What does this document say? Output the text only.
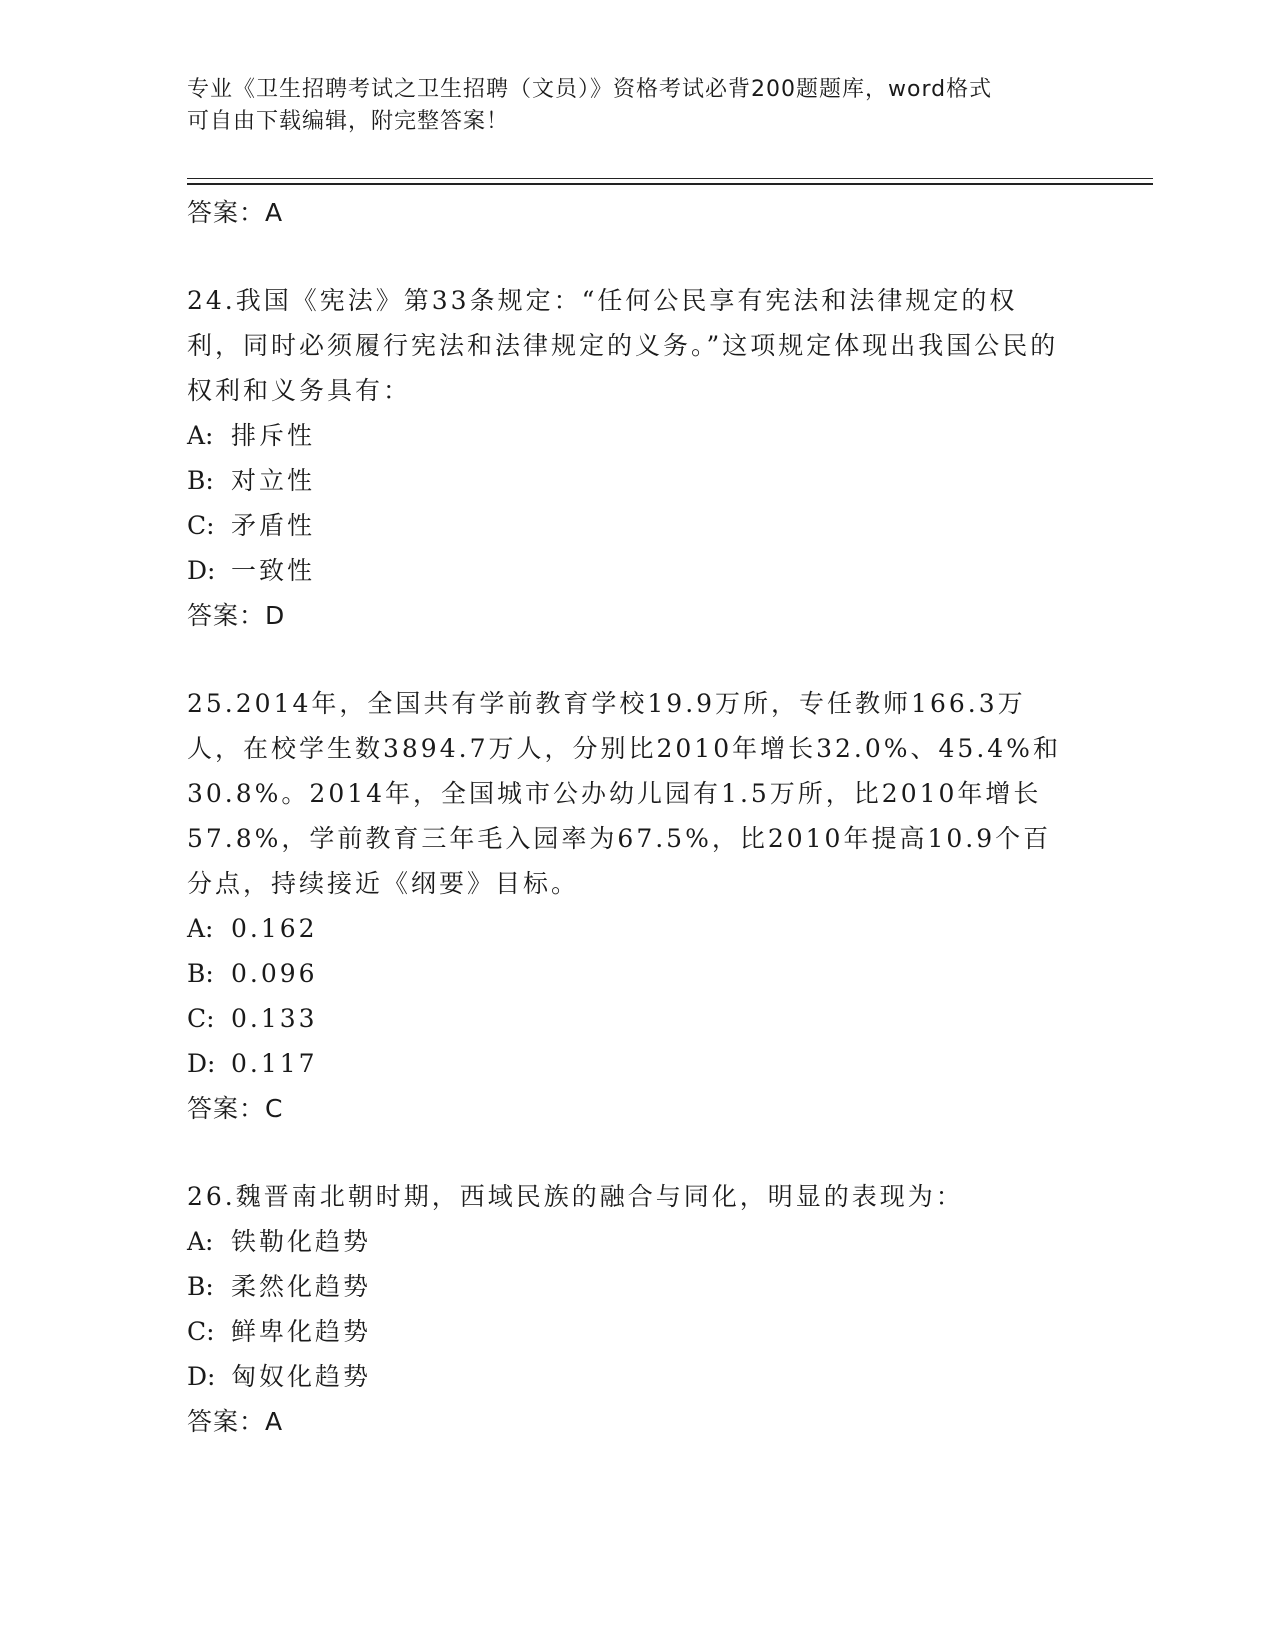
专业《卫生招聘考试之卫生招聘（文员）》资格考试必背200题题库，word格式
可自由下载编辑，附完整答案！
答案：A
24.我国《宪法》第33条规定：“任何公民享有宪法和法律规定的权利，同时必须履行宪法和法律规定的义务。”这项规定体现出我国公民的权利和义务具有：
A: 排斥性
B: 对立性
C: 矛盾性
D: 一致性
答案：D
25.2014年，全国共有学前教育学校19.9万所，专任教师166.3万人，在校学生数3894.7万人，分别比2010年增长32.0%、45.4%和30.8%。2014年，全国城市公办幼儿园有1.5万所，比2010年增长57.8%，学前教育三年毛入园率为67.5%，比2010年提高10.9个百分点，持续接近《纲要》目标。
A: 0.162
B: 0.096
C: 0.133
D: 0.117
答案：C
26.魏晋南北朝时期，西域民族的融合与同化，明显的表现为：
A: 铁勒化趋势
B: 柔然化趋势
C: 鲜卑化趋势
D: 匈奴化趋势
答案：A
